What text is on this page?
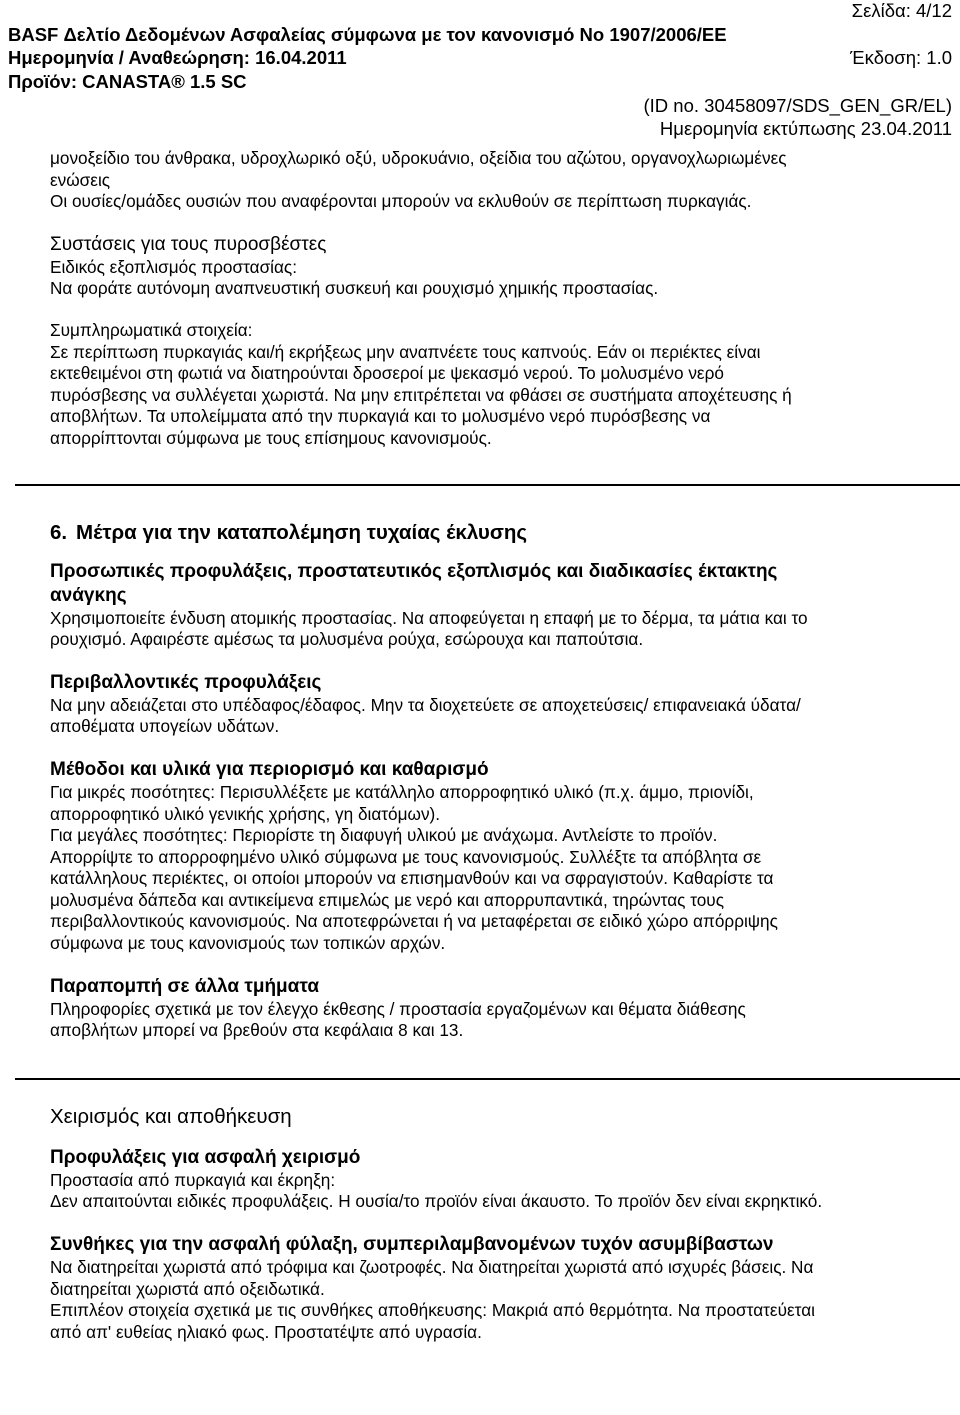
Σελίδα: 4/12
BASF Δελτίο Δεδομένων Ασφαλείας σύμφωνα με τον κανονισμό No 1907/2006/ΕΕ
Ημερομηνία / Αναθεώρηση: 16.04.2011	Έκδοση: 1.0
Προϊόν: CANASTA® 1.5 SC
(ID no. 30458097/SDS_GEN_GR/EL)
Ημερομηνία εκτύπωσης 23.04.2011

μονοξείδιο του άνθρακα, υδροχλωρικό οξύ, υδροκυάνιο, οξείδια του αζώτου, οργανοχλωριωμένες

ενώσεις

Οι ουσίες/ομάδες ουσιών που αναφέρονται μπορούν να εκλυθούν σε περίπτωση πυρκαγιάς.

Συστάσεις για τους πυροσβέστες

Ειδικός εξοπλισμός προστασίας:

Να φοράτε αυτόνομη αναπνευστική συσκευή και ρουχισμό χημικής προστασίας.

Συμπληρωματικά στοιχεία:

Σε περίπτωση πυρκαγιάς και/ή εκρήξεως μην αναπνέετε τους καπνούς. Εάν οι περιέκτες είναι

εκτεθειμένοι στη φωτιά να διατηρούνται δροσεροί με ψεκασμό νερού. Το μολυσμένο νερό

πυρόσβεσης να συλλέγεται χωριστά. Να μην επιτρέπεται να φθάσει σε συστήματα αποχέτευσης ή

αποβλήτων. Τα υπολείμματα από την πυρκαγιά και το μολυσμένο νερό πυρόσβεσης να

απορρίπτονται σύμφωνα με τους επίσημους κανονισμούς.

6. Μέτρα για την καταπολέμηση τυχαίας έκλυσης

Προσωπικές προφυλάξεις, προστατευτικός εξοπλισμός και διαδικασίες έκτακτης

ανάγκης

Χρησιμοποιείτε ένδυση ατομικής προστασίας. Να αποφεύγεται η επαφή με το δέρμα, τα μάτια και το

ρουχισμό. Αφαιρέστε αμέσως τα μολυσμένα ρούχα, εσώρουχα και παπούτσια.

Περιβαλλοντικές προφυλάξεις

Να μην αδειάζεται στο υπέδαφος/έδαφος. Μην τα διοχετεύετε σε αποχετεύσεις/ επιφανειακά ύδατα/

αποθέματα υπογείων υδάτων.

Μέθοδοι και υλικά για περιορισμό και καθαρισμό

Για μικρές ποσότητες: Περισυλλέξετε με κατάλληλο απορροφητικό υλικό (π.χ. άμμο, πριονίδι,

απορροφητικό υλικό γενικής χρήσης, γη διατόμων).

Για μεγάλες ποσότητες: Περιορίστε τη διαφυγή υλικού με ανάχωμα. Αντλείστε το προϊόν.

Απορρίψτε το απορροφημένο υλικό σύμφωνα με τους κανονισμούς. Συλλέξτε τα απόβλητα σε

κατάλληλους περιέκτες, οι οποίοι μπορούν να επισημανθούν και να σφραγιστούν. Καθαρίστε τα

μολυσμένα δάπεδα και αντικείμενα επιμελώς με νερό και απορρυπαντικά, τηρώντας τους

περιβαλλοντικούς κανονισμούς. Να αποτεφρώνεται ή να μεταφέρεται σε ειδικό χώρο απόρριψης

σύμφωνα με τους κανονισμούς των τοπικών αρχών.

Παραπομπή σε άλλα τμήματα

Πληροφορίες σχετικά με τον έλεγχο έκθεσης / προστασία εργαζομένων και θέματα διάθεσης

αποβλήτων μπορεί να βρεθούν στα κεφάλαια 8 και 13.

Χειρισμός και αποθήκευση

Προφυλάξεις για ασφαλή χειρισμό

Προστασία από πυρκαγιά και έκρηξη:

Δεν απαιτούνται ειδικές προφυλάξεις. Η ουσία/το προϊόν είναι άκαυστο. Το προϊόν δεν είναι εκρηκτικό.

Συνθήκες για την ασφαλή φύλαξη, συμπεριλαμβανομένων τυχόν ασυμβίβαστων

Να διατηρείται χωριστά από τρόφιμα και ζωοτροφές. Να διατηρείται χωριστά από ισχυρές βάσεις. Να

διατηρείται χωριστά από οξειδωτικά.

Επιπλέον στοιχεία σχετικά με τις συνθήκες αποθήκευσης: Μακριά από θερμότητα. Να προστατεύεται

από απ' ευθείας ηλιακό φως. Προστατέψτε από υγρασία.
